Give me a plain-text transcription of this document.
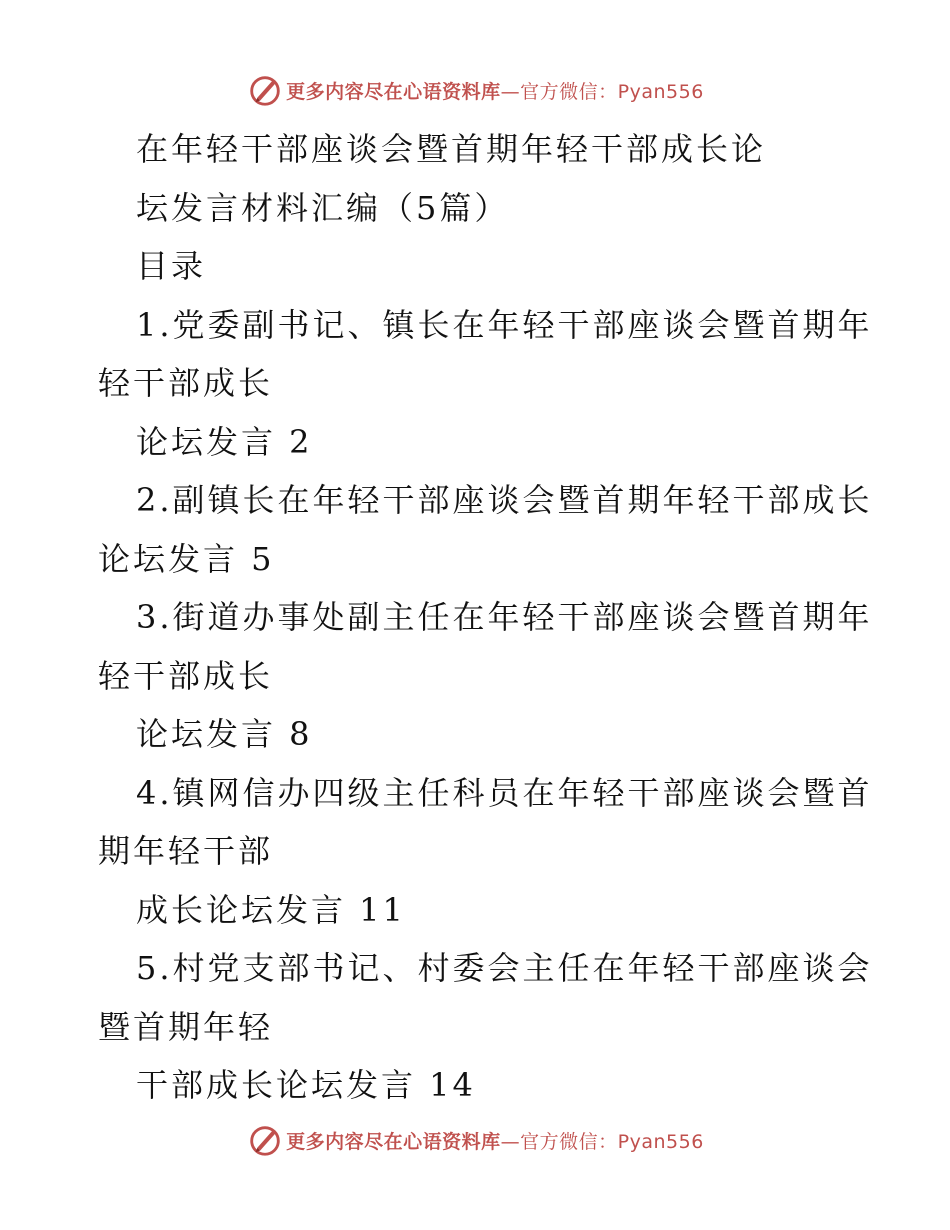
更多内容尽在心语资料库 —官方微信：Pyan556
在年轻干部座谈会暨首期年轻干部成长论
坛发言材料汇编（5篇）
目录
1.党委副书记、镇长在年轻干部座谈会暨首期年
轻干部成长
论坛发言 2
2.副镇长在年轻干部座谈会暨首期年轻干部成长
论坛发言 5
3.街道办事处副主任在年轻干部座谈会暨首期年
轻干部成长
论坛发言 8
4.镇网信办四级主任科员在年轻干部座谈会暨首
期年轻干部
成长论坛发言 11
5.村党支部书记、村委会主任在年轻干部座谈会
暨首期年轻
干部成长论坛发言 14
更多内容尽在心语资料库 —官方微信：Pyan556
